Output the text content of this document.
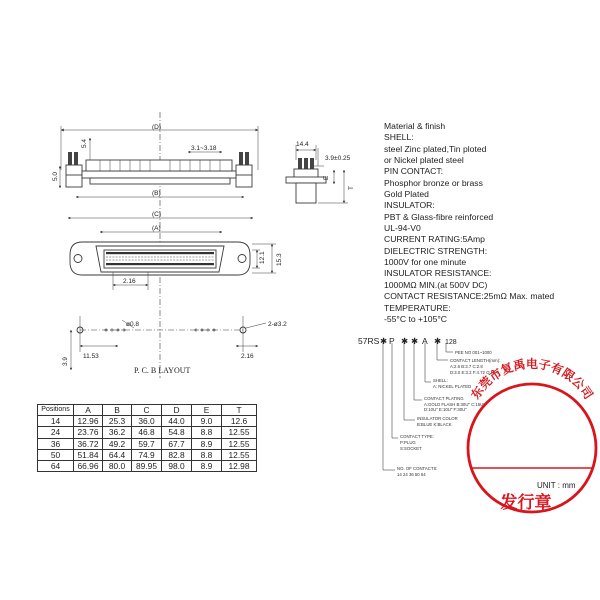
(D)
5.4
3.1~3.18
5.0
(B)
(C)
(A)
2.16
12.1 15.3
14.4
3.9±0.25
E
T
ø0.8	2-ø3.2
11.53	2.16
3.9
P. C. B LAYOUT
57RS ✱ P ✱ ✱ A ✱ 128
PEE NO 001~1000
CONTACT LENGTH(mm):
A:2.6 B:3.7 C:2.8
D:3.0 E:3.2 F:4.72 O:N/A
SHELL:
A: NICKEL PLATED
CONTACT PLATING
A:GOLD FLASH B:30U" C:15U"
D:10U" E:10U" F:30U"
INSULATOR COLOR
B:BLUE K:BLACK
CONTACT TYPE:
P:PLUG
S:SOCKET
NO. OF CONTACTS:
14 24 36 50 64
东莞市复禹电子有限公司
发行章
UNIT : mm
Material & finish
SHELL:
steel Zinc plated,Tin ploted
or Nickel plated steel
PIN CONTACT:
Phosphor bronze or brass
Gold Plated
INSULATOR:
PBT & Glass-fibre reinforced
UL-94-V0
CURRENT RATING:5Amp
DIELECTRIC STRENGTH:
1000V for one minute
INSULATOR RESISTANCE:
1000MΩ MIN.(at 500V DC)
CONTACT RESISTANCE:25mΩ Max. mated
TEMPERATURE:
-55°C to +105°C
Positions	A	B	C	D	E	T
14	12.96	25.3	36.0	44.0	9.0	12.6
24	23.76	36.2	46.8	54.8	8.8	12.55
36	36.72	49.2	59.7	67.7	8.9	12.55
50	51.84	64.4	74.9	82.8	8.8	12.55
64	66.96	80.0	89.95	98.0	8.9	12.98
